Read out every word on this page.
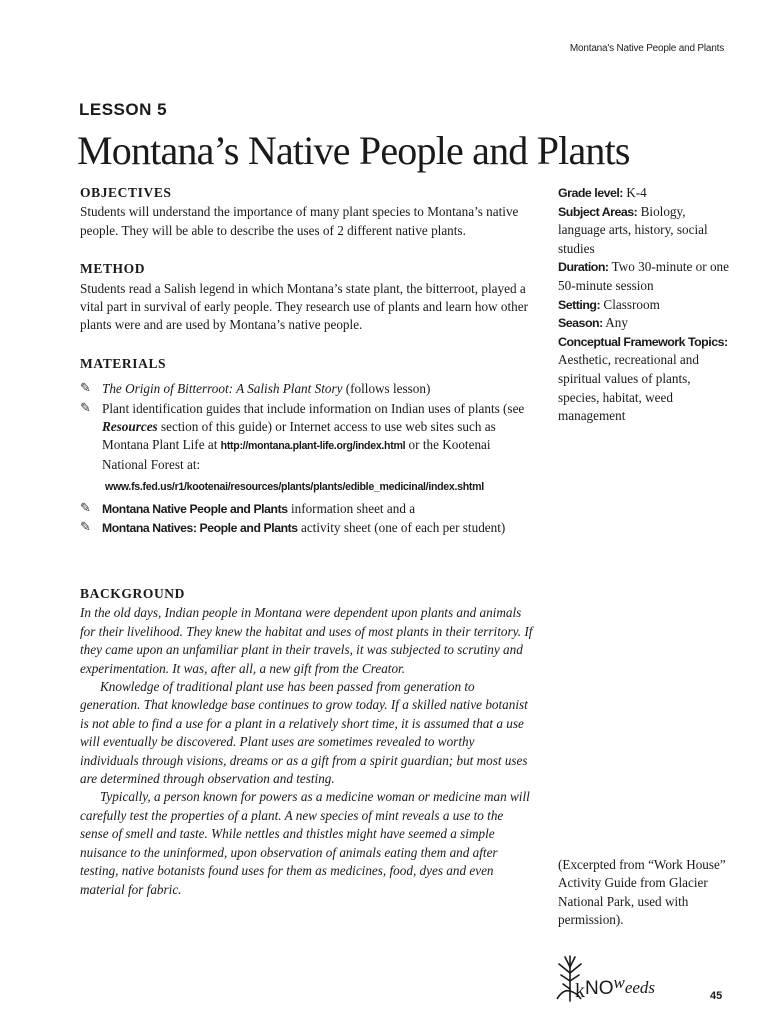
Montana's Native People and Plants
LESSON 5
Montana’s Native People and Plants
OBJECTIVES

Students will understand the importance of many plant species to Montana’s native people. They will be able to describe the uses of 2 different native plants.

METHOD

Students read a Salish legend in which Montana’s state plant, the bitterroot, played a vital part in survival of early people. They research use of plants and learn how other plants were and are used by Montana’s native people.

MATERIALS
✎ The Origin of Bitterroot: A Salish Plant Story (follows lesson)
✎ Plant identification guides that include information on Indian uses of plants (see Resources section of this guide) or Internet access to use web sites such as Montana Plant Life at http://montana.plant-life.org/index.html or the Kootenai National Forest at:
www.fs.fed.us/r1/kootenai/resources/plants/plants/edible_medicinal/index.shtml
✎ Montana Native People and Plants information sheet and a
✎ Montana Natives: People and Plants activity sheet (one of each per student)
BACKGROUND

In the old days, Indian people in Montana were dependent upon plants and animals for their livelihood. They knew the habitat and uses of most plants in their territory. If they came upon an unfamiliar plant in their travels, it was subjected to scrutiny and experimentation. It was, after all, a new gift from the Creator.

Knowledge of traditional plant use has been passed from generation to generation. That knowledge base continues to grow today. If a skilled native botanist is not able to find a use for a plant in a relatively short time, it is assumed that a use will eventually be discovered. Plant uses are sometimes revealed to worthy individuals through visions, dreams or as a gift from a spirit guardian; but most uses are determined through observation and testing.

Typically, a person known for powers as a medicine woman or medicine man will carefully test the properties of a plant. A new species of mint reveals a use to the sense of smell and taste. While nettles and thistles might have seemed a simple nuisance to the uninformed, upon observation of animals eating them and after testing, native botanists found uses for them as medicines, food, dyes and even material for fabric.

Grade level: K-4
Subject Areas: Biology, language arts, history, social studies
Duration: Two 30-minute or one 50-minute session
Setting: Classroom
Season: Any
Conceptual Framework Topics: Aesthetic, recreational and spiritual values of plants, species, habitat, weed management
(Excerpted from “Work House” Activity Guide from Glacier National Park, used with permission).
kNO$^w_{eeds}$	45
